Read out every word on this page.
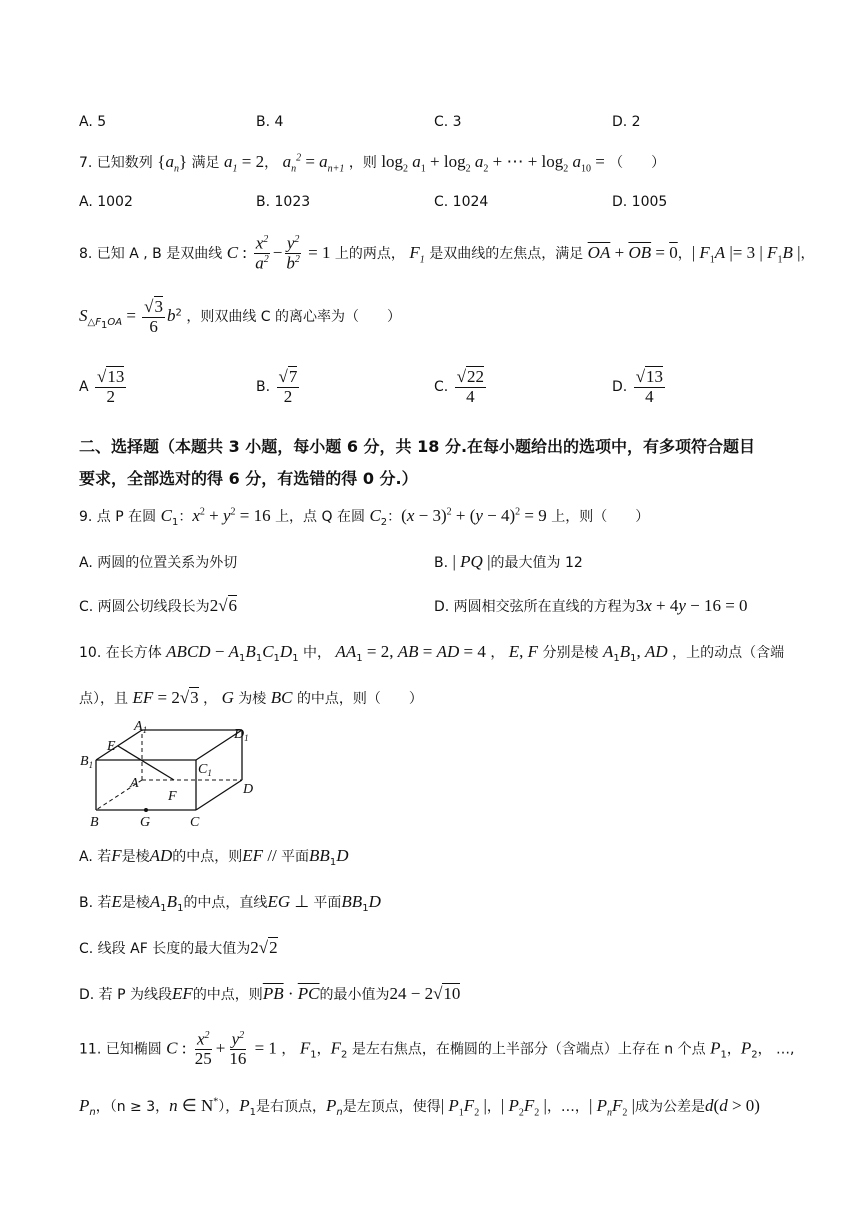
A. 5	B. 4	C. 3	D. 2
7. 已知数列 $\{a_n\}$ 满足 $a_1 = 2$， $a_n^2 = a_{n+1}$ ，则 $\log_2 a_1 + \log_2 a_2$ + ⋯ + $\log_2 a_{10}$ = （　　）
A. 1002	B. 1023	C. 1024	D. 1005
8. 已知 A , B 是双曲线 C : $\frac{x^2}{a^2} - \frac{y^2}{b^2} = 1$ 上的两点， $F_1$ 是双曲线的左焦点，满足 $\overline{OA} + \overline{OB} = 0$，| $F_1A$ |= 3 | $F_1B$ |，
$S_{\triangle F_1OA} = \frac{√3}{6} b^2$ ，则双曲线 C 的离心率为（　　）
A $\frac{√13}{2}$	B. $\frac{√7}{2}$	C. $\frac{√22}{4}$	D. $\frac{√13}{4}$
二、选择题（本题共 3 小题，每小题 6 分，共 18 分.在每小题给出的选项中，有多项符合题目
要求，全部选对的得 6 分，有选错的得 0 分.）
9. 点 P 在圆 $C_1$：$x^2 + y^2 = 16$ 上，点 Q 在圆 $C_2$：$(x - 3)^2 + (y - 4)^2 = 9$ 上，则（　　）
A. 两圆的位置关系为外切	B. | PQ |的最大值为 12
C. 两圆公切线段长为2√6	D. 两圆相交弦所在直线的方程为3x + 4y − 16 = 0
10. 在长方体 ABCD − $A_1B_1C_1D_1$ 中， $AA_1 = 2$, AB = AD = 4 ， E, F 分别是棱 $A_1B_1$, AD ，上的动点（含端
点），且 EF = 2√3 ， G 为棱 BC 的中点，则（　　）
$A_1$	$D_1$
E
$B_1$
A
$C_1$
F	D
B	G	C
A. 若F是棱AD的中点，则EF // 平面$BB_1D$
B. 若E是棱$A_1B_1$的中点，直线EG ⊥ 平面$BB_1D$
C. 线段 AF 长度的最大值为2√2
D. 若 P 为线段EF的中点，则$\overline{PB} \cdot \overline{PC}$的最小值为24 − 2√10
11. 已知椭圆 C : $\frac{x^2}{25} + \frac{y^2}{16} = 1$ ， $F_1$，$F_2$ 是左右焦点，在椭圆的上半部分（含端点）上存在 n 个点 $P_1$，$P_2$， …,
$P_n$，（n ≥ 3，n ∈ N*），$P_1$是右顶点，$P_n$是左顶点，使得| $P_1F_2$ |，| $P_2F_2$ |，…，| $P_nF_2$ |成为公差是d(d > 0)
